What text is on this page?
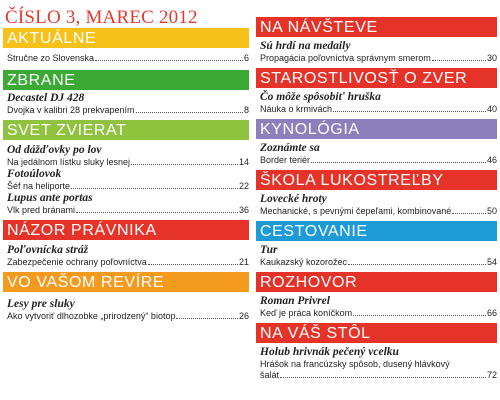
ČÍSLO 3, MAREC 2012
AKTUÁLNE
Stručne zo Slovenska	6
ZBRANE
Decastel DJ 428
Dvojka v kalibri 28 prekvapením	8
SVET ZVIERAT
Od dážďovky po lov
Na jedálnom lístku sluky lesnej	14
Fotoúlovok
Šéf na heliporte	22
Lupus ante portas
Vlk pred bránami	36
NÁZOR PRÁVNIKA
Poľovnícka stráž
Zabezpečenie ochrany poľovníctva	21
VO VAŠOM REVÍRE
Lesy pre sluky
Ako vytvoriť dlhozobke „prirodzený“ biotop	26
NA NÁVŠTEVE
Sú hrdí na medaily
Propagácia poľovníctva správnym smerom	30
STAROSTLIVOSŤ O ZVER
Čo môže spôsobiť hruška
Náuka o krmivách	40
KYNOLÓGIA
Zoznámte sa
Border teriér	46
ŠKOLA LUKOSTREĽBY
Lovecké hroty
Mechanické, s pevnými čepeľami, kombinované	50
CESTOVANIE
Tur
Kaukazský kozorožec	54
ROZHOVOR
Roman Privrel
Keď je práca koníčkom	66
NA VÁŠ STÔL
Holub hrivnák pečený vcelku
Hrášok na francúzsky spôsob, dusený hlávkový
šalát	72
